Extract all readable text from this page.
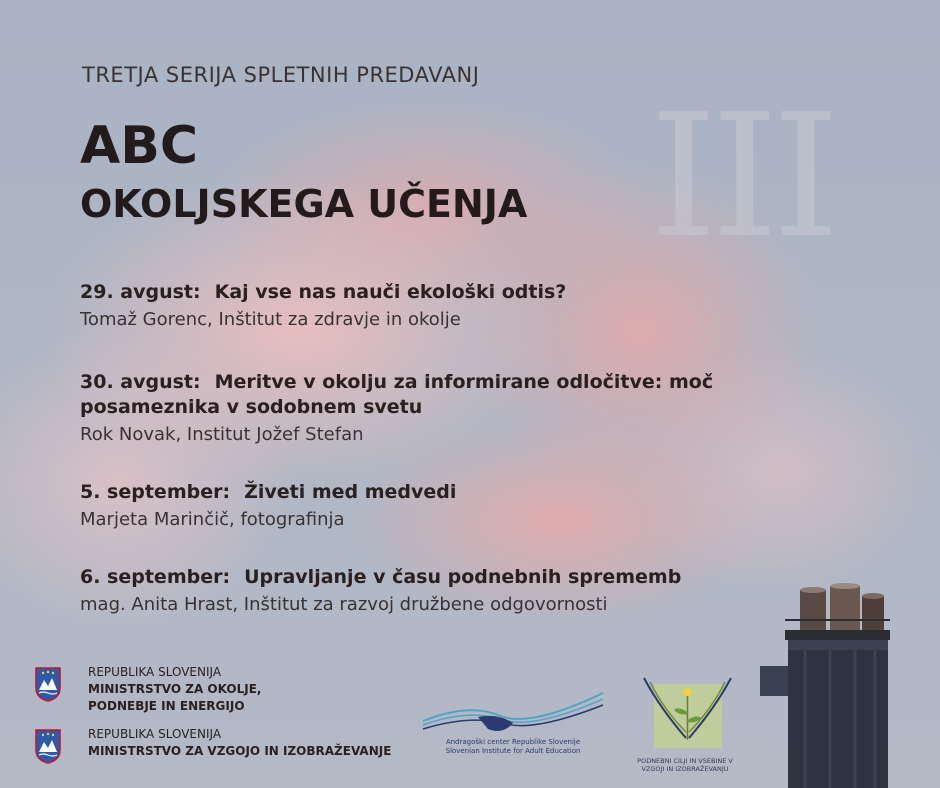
III
TRETJA SERIJA SPLETNIH PREDAVANJ
ABC
OKOLJSKEGA UČENJA
29. avgust: Kaj vse nas nauči ekološki odtis?
Tomaž Gorenc, Inštitut za zdravje in okolje
30. avgust: Meritve v okolju za informirane odločitve: moč posameznika v sodobnem svetu
Rok Novak, Institut Jožef Stefan
5. september: Živeti med medvedi
Marjeta Marinčič, fotografinja
6. september: Upravljanje v času podnebnih sprememb
mag. Anita Hrast, Inštitut za razvoj družbene odgovornosti
REPUBLIKA SLOVENIJA
MINISTRSTVO ZA OKOLJE,
PODNEBJE IN ENERGIJO
REPUBLIKA SLOVENIJA
MINISTRSTVO ZA VZGOJO IN IZOBRAŽEVANJE
Andragoški center Republike Slovenije
Slovenian Institute for Adult Education
PODNEBNI CILJI IN VSEBINE V
VZGOJI IN IZOBRAŽEVANJU
